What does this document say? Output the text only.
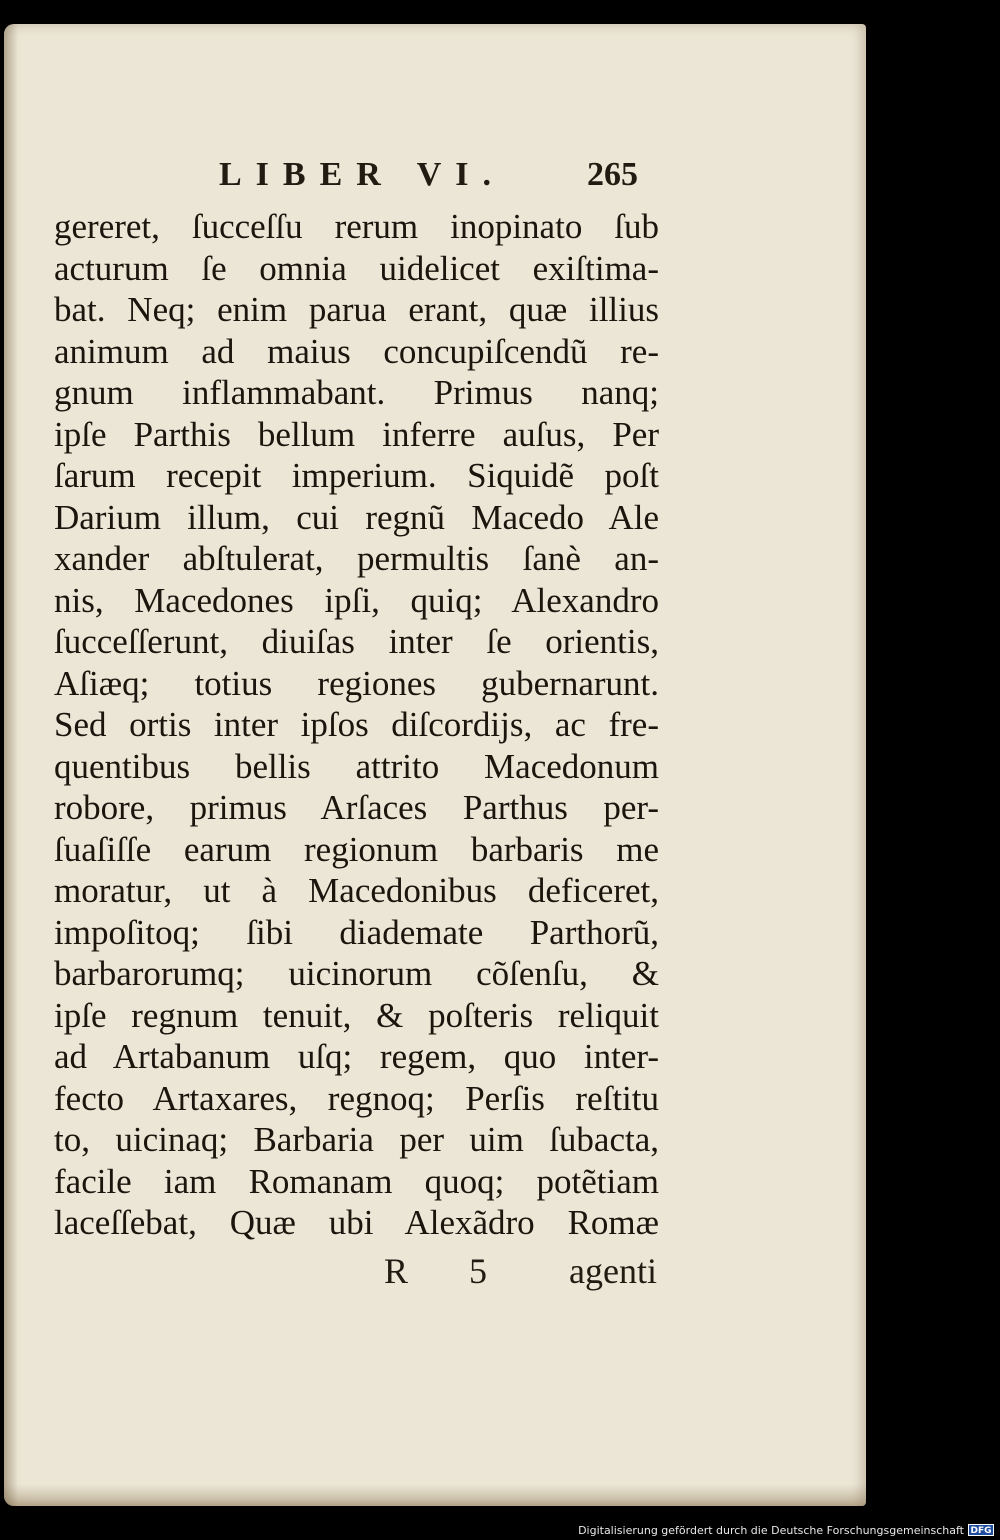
LIBER VI. 265
gereret, ſucceſſu rerum inopinato ſub
acturum ſe omnia uidelicet exiſtima-
bat. Neq; enim parua erant, quæ illius
animum ad maius concupiſcendũ re-
gnum inflammabant. Primus nanq;
ipſe Parthis bellum inferre auſus, Per
ſarum recepit imperium. Siquidẽ poſt
Darium illum, cui regnũ Macedo Ale
xander abſtulerat, permultis ſanè an-
nis, Macedones ipſi, quiq; Alexandro
ſucceſſerunt, diuiſas inter ſe orientis,
Aſiæq; totius regiones gubernarunt.
Sed ortis inter ipſos diſcordijs, ac fre-
quentibus bellis attrito Macedonum
robore, primus Arſaces Parthus per-
ſuaſiſſe earum regionum barbaris me
moratur, ut à Macedonibus deficeret,
impoſitoq; ſibi diademate Parthorũ,
barbarorumq; uicinorum cõſenſu, &
ipſe regnum tenuit, & poſteris reliquit
ad Artabanum uſq; regem, quo inter-
fecto Artaxares, regnoq; Perſis reſtitu
to, uicinaq; Barbaria per uim ſubacta,
facile iam Romanam quoq; potẽtiam
laceſſebat, Quæ ubi Alexãdro Romæ
R 5 agenti
Digitalisierung gefördert durch die Deutsche Forschungsgemeinschaft DFG
